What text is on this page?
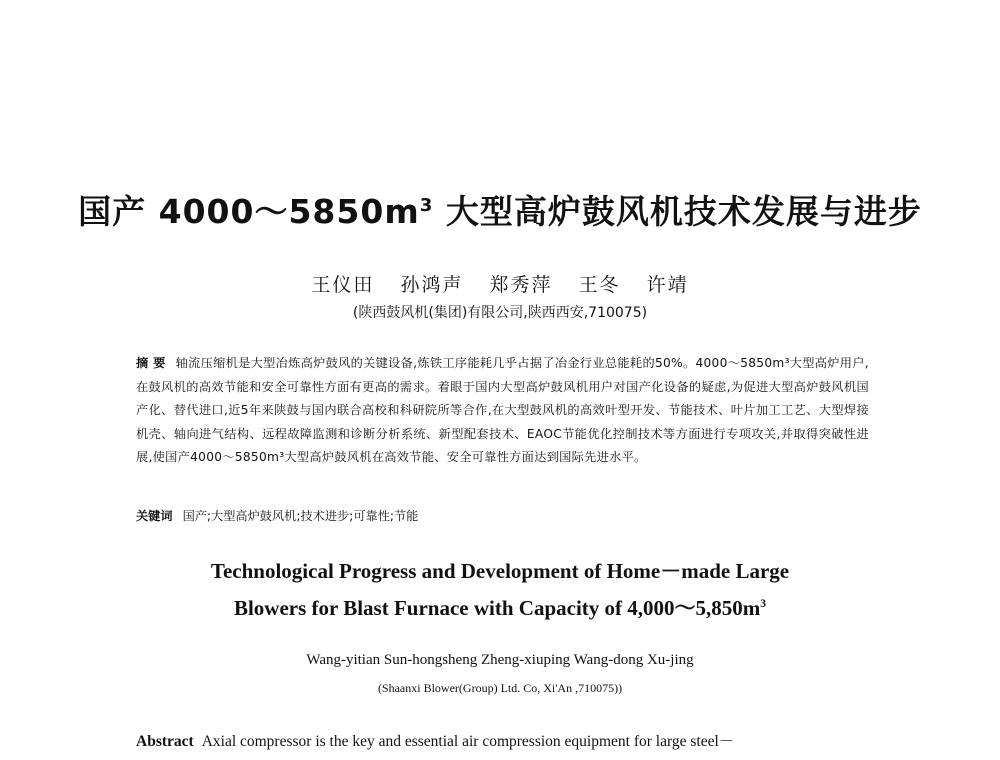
国产 $4000\sim 5850m^3$ 大型高炉鼓风机技术发展与进步
王仪田 孙鸿声 郑秀萍 王冬 许靖
(陕西鼓风机(集团)有限公司,陕西西安,710075)
摘 要 轴流压缩机是大型冶炼高炉鼓风的关键设备,炼铁工序能耗几乎占据了冶金行业总能耗的50%。4000～5850m³大型高炉用户,在鼓风机的高效节能和安全可靠性方面有更高的需求。着眼于国内大型高炉鼓风机用户对国产化设备的疑虑,为促进大型高炉鼓风机国产化、替代进口,近5年来陕鼓与国内联合高校和科研院所等合作,在大型鼓风机的高效叶型开发、节能技术、叶片加工工艺、大型焊接机壳、轴向进气结构、远程故障监测和诊断分析系统、新型配套技术、EAOC节能优化控制技术等方面进行专项攻关,并取得突破性进展,使国产4000～5850m³大型高炉鼓风机在高效节能、安全可靠性方面达到国际先进水平。
关键词 国产;大型高炉鼓风机;技术进步;可靠性;节能
Technological Progress and Development of Home－made Large
Blowers for Blast Furnace with Capacity of $4,000\sim 5,850m^3$
Wang-yitian Sun-hongsheng Zheng-xiuping Wang-dong Xu-jing
(Shaanxi Blower(Group) Ltd. Co, Xi'An ,710075))
Abstract Axial compressor is the key and essential air compression equipment for large steel－
